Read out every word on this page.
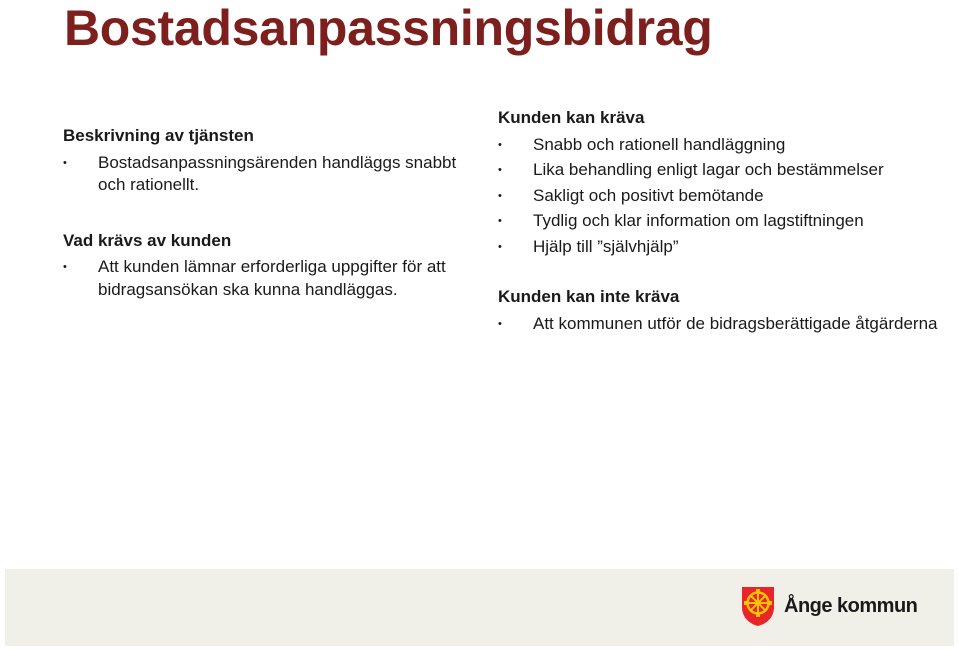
Bostadsanpassningsbidrag
Beskrivning av tjänsten
• Bostadsanpassningsärenden handläggs snabbt och rationellt.
Vad krävs av kunden
• Att kunden lämnar erforderliga uppgifter för att bidragsansökan ska kunna handläggas.
Kunden kan kräva
• Snabb och rationell handläggning
• Lika behandling enligt lagar och bestämmelser
• Sakligt och positivt bemötande
• Tydlig och klar information om lagstiftningen
• Hjälp till ”självhjälp”
Kunden kan inte kräva
• Att kommunen utför de bidragsberättigade åtgärderna
Ånge kommun
